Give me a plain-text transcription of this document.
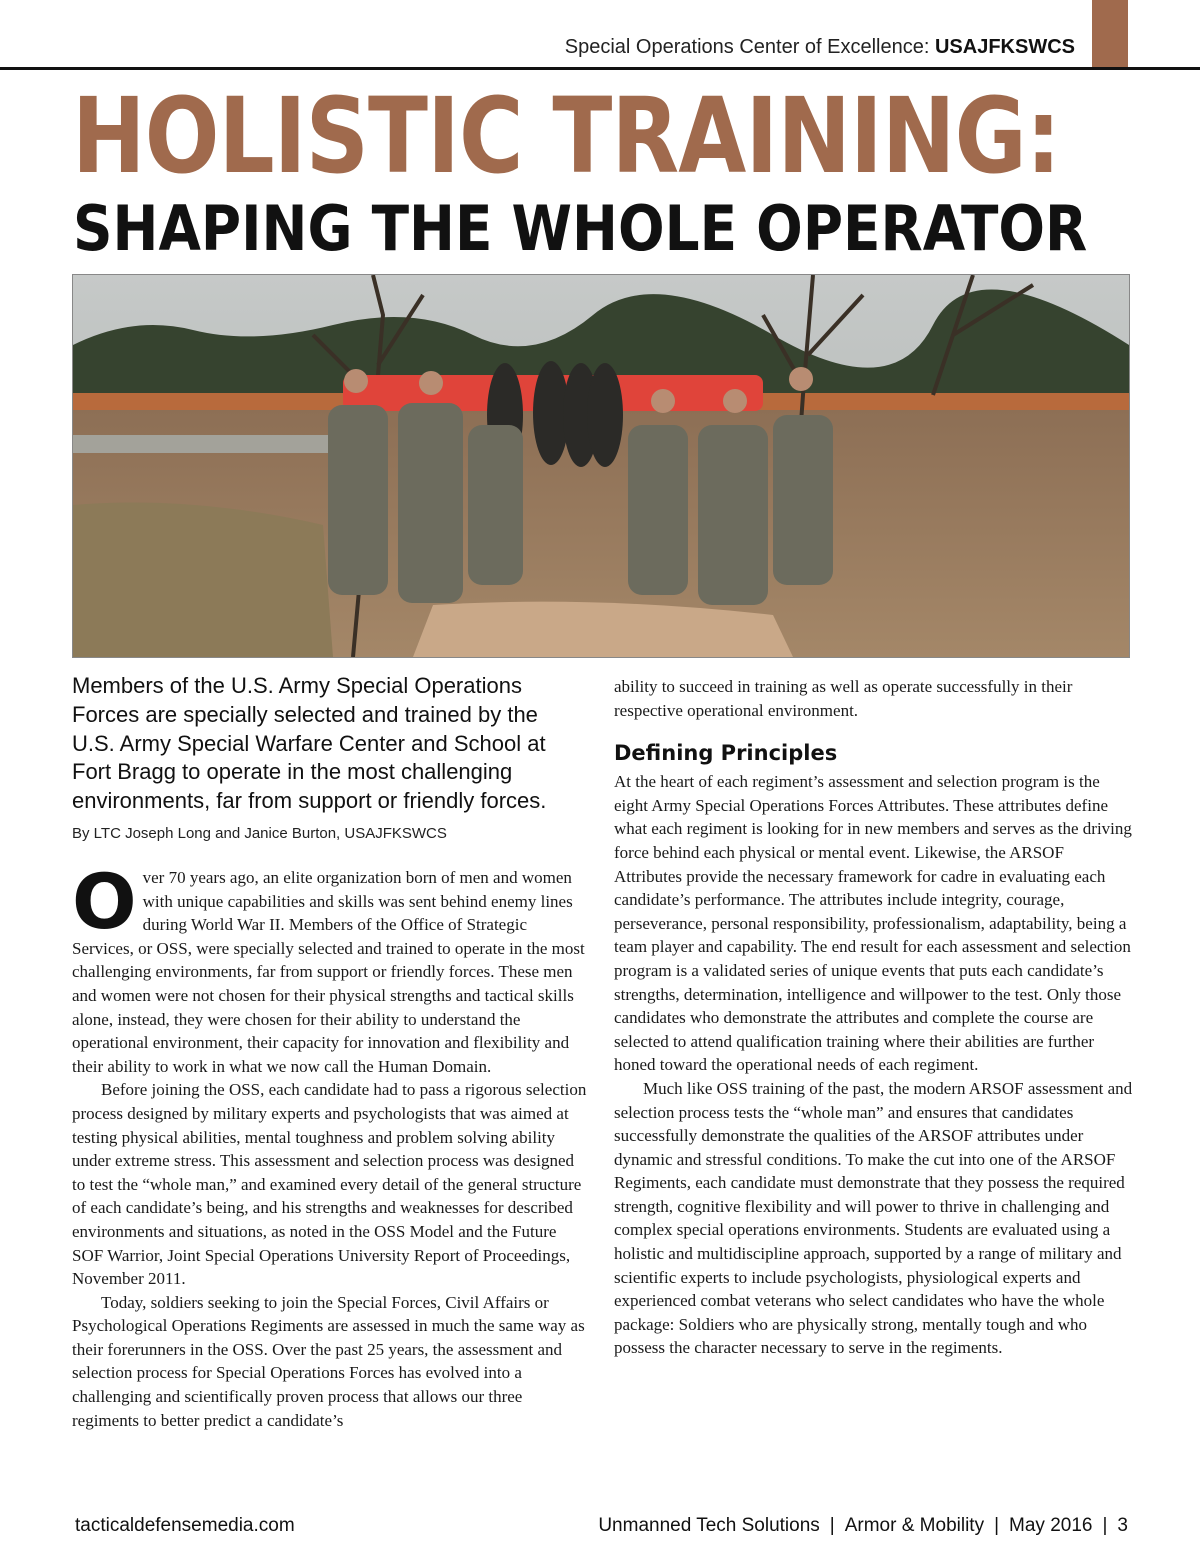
Special Operations Center of Excellence: USAJFKSWCS
HOLISTIC TRAINING:
SHAPING THE WHOLE OPERATOR
Members of the U.S. Army Special Operations Forces are specially selected and trained by the U.S. Army Special Warfare Center and School at Fort Bragg to operate in the most challenging environments, far from support or friendly forces.
By LTC Joseph Long and Janice Burton, USAJFKSWCS

Over 70 years ago, an elite organization born of men and women with unique capabilities and skills was sent behind enemy lines during World War II. Members of the Office of Strategic Services, or OSS, were specially selected and trained to operate in the most challenging environments, far from support or friendly forces. These men and women were not chosen for their physical strengths and tactical skills alone, instead, they were chosen for their ability to understand the operational environment, their capacity for innovation and flexibility and their ability to work in what we now call the Human Domain.

Before joining the OSS, each candidate had to pass a rigorous selection process designed by military experts and psychologists that was aimed at testing physical abilities, mental toughness and problem solving ability under extreme stress. This assessment and selection process was designed to test the “whole man,” and examined every detail of the general structure of each candidate’s being, and his strengths and weaknesses for described environments and situations, as noted in the OSS Model and the Future SOF Warrior, Joint Special Operations University Report of Proceedings, November 2011.

Today, soldiers seeking to join the Special Forces, Civil Affairs or Psychological Operations Regiments are assessed in much the same way as their forerunners in the OSS. Over the past 25 years, the assessment and selection process for Special Operations Forces has evolved into a challenging and scientifically proven process that allows our three regiments to better predict a candidate’s

ability to succeed in training as well as operate successfully in their respective operational environment.

Defining Principles

At the heart of each regiment’s assessment and selection program is the eight Army Special Operations Forces Attributes. These attributes define what each regiment is looking for in new members and serves as the driving force behind each physical or mental event. Likewise, the ARSOF Attributes provide the necessary framework for cadre in evaluating each candidate’s performance. The attributes include integrity, courage, perseverance, personal responsibility, professionalism, adaptability, being a team player and capability. The end result for each assessment and selection program is a validated series of unique events that puts each candidate’s strengths, determination, intelligence and willpower to the test. Only those candidates who demonstrate the attributes and complete the course are selected to attend qualification training where their abilities are further honed toward the operational needs of each regiment.

Much like OSS training of the past, the modern ARSOF assessment and selection process tests the “whole man” and ensures that candidates successfully demonstrate the qualities of the ARSOF attributes under dynamic and stressful conditions. To make the cut into one of the ARSOF Regiments, each candidate must demonstrate that they possess the required strength, cognitive flexibility and will power to thrive in challenging and complex special operations environments. Students are evaluated using a holistic and multidiscipline approach, supported by a range of military and scientific experts to include psychologists, physiological experts and experienced combat veterans who select candidates who have the whole package: Soldiers who are physically strong, mentally tough and who possess the character necessary to serve in the regiments.

tacticaldefensemedia.com	Unmanned Tech Solutions | Armor & Mobility | May 2016 | 3
